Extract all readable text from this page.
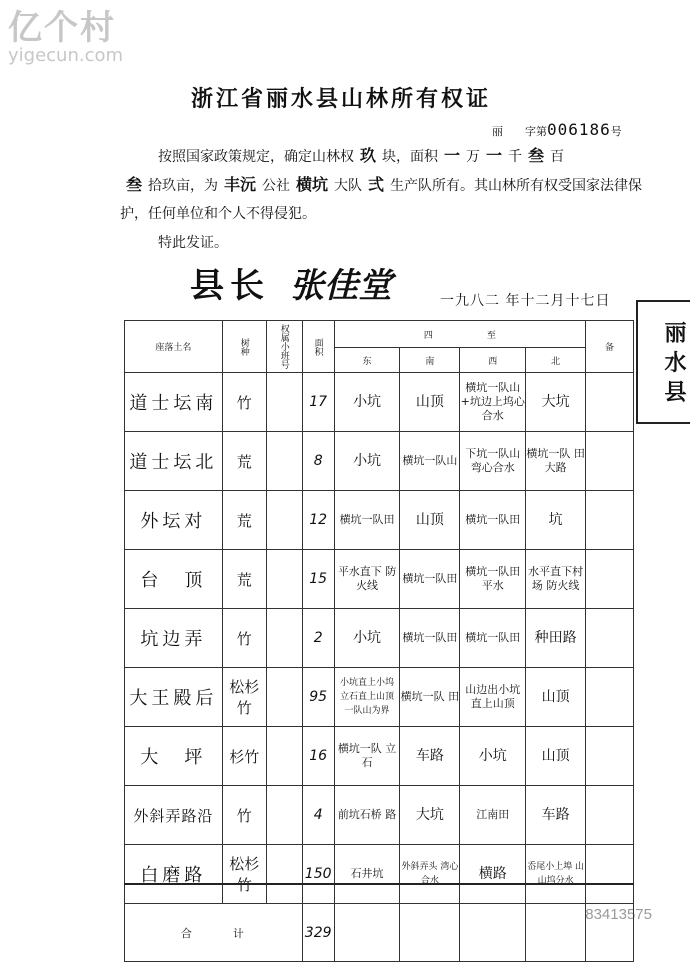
亿个村
yigecun.com
83413575
浙江省丽水县山林所有权证
丽　　字第006186号
按照国家政策规定，确定山林权 玖 块，面积 一 万 一 千 叁 百
叁 拾玖亩，为 丰沅 公社 横坑 大队 弍 生产队所有。其山林所有权受国家法律保护，任何单位和个人不得侵犯。
特此发证。
县长 张佳堂	一九八二 年十二月十七日
丽 水 县
座落土名	树种	权属小班号	面积	四　　　　　　至				备
				东	南	西	北	
道士坛南	竹		17	小坑	山顶	横坑一队山+坑边上坞心合水	大坑	
道士坛北	荒		8	小坑	横坑一队山	下坑一队山 弯心合水	横坑一队 田大路	
外坛对	荒		12	横坑一队田	山顶	横坑一队田	坑	
台　顶	荒		15	平水直下 防火线	横坑一队田	横坑一队田 平水	水平直下村场 防火线	
坑边弄	竹		2	小坑	横坑一队田	横坑一队田	种田路	
大王殿后	松杉竹		95	小坑直上小坞 立石直上山顶 一队山为界	横坑一队 田	山边出小坑 直上山顶	山顶	
大　坪	杉竹		16	横坑一队 立石	车路	小坑	山顶	
外斜弄路沿	竹		4	前坑石桥 路	大坑	江南田	车路	
白磨路	松杉竹		150	石井坑	外斜弄头 湾心合水	横路	岙尾小上埠 山山坞分水	
合　　　计			329					
